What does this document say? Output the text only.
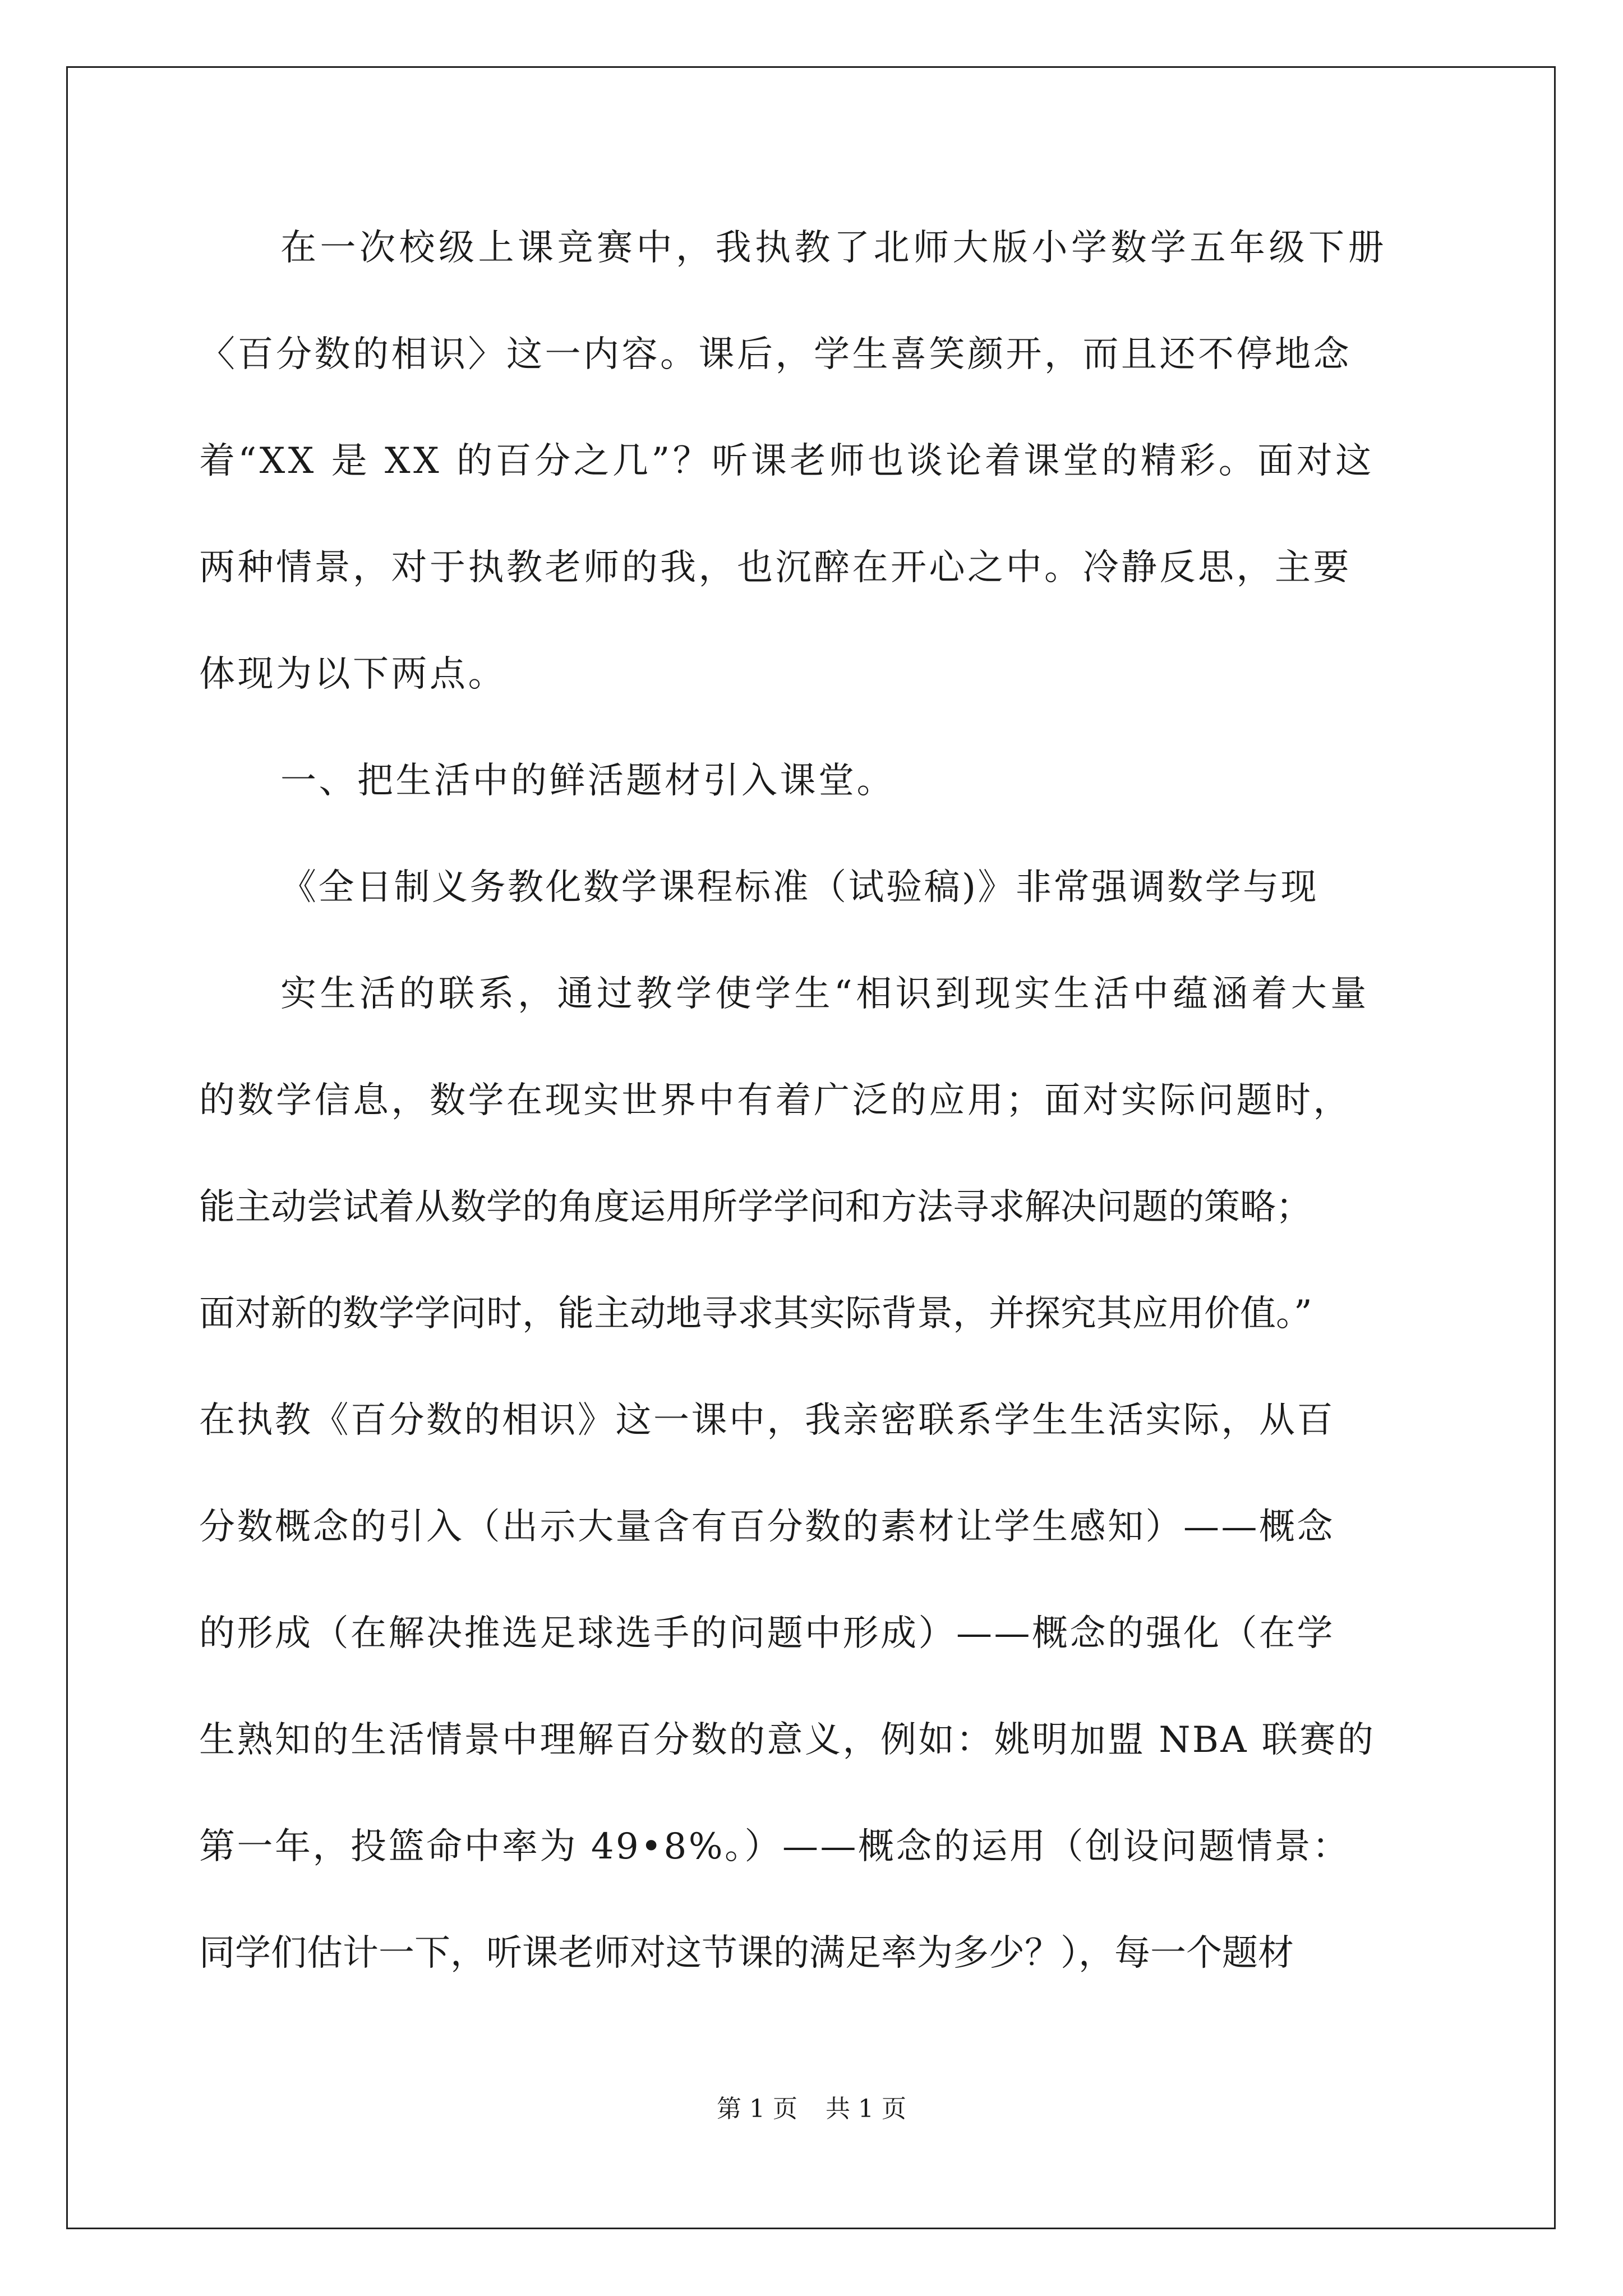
在一次校级上课竞赛中，我执教了北师大版小学数学五年级下册
〈百分数的相识〉这一内容。课后，学生喜笑颜开，而且还不停地念
着“XX 是 XX 的百分之几”？听课老师也谈论着课堂的精彩。面对这
两种情景，对于执教老师的我，也沉醉在开心之中。冷静反思，主要
体现为以下两点。
一、把生活中的鲜活题材引入课堂。
《全日制义务教化数学课程标准（试验稿)》非常强调数学与现
实生活的联系，通过教学使学生“相识到现实生活中蕴涵着大量
的数学信息，数学在现实世界中有着广泛的应用；面对实际问题时，
能主动尝试着从数学的角度运用所学学问和方法寻求解决问题的策略；
面对新的数学学问时，能主动地寻求其实际背景，并探究其应用价值。”
在执教《百分数的相识》这一课中，我亲密联系学生生活实际，从百
分数概念的引入（出示大量含有百分数的素材让学生感知）——概念
的形成（在解决推选足球选手的问题中形成）——概念的强化（在学
生熟知的生活情景中理解百分数的意义，例如：姚明加盟 NBA 联赛的
第一年，投篮命中率为 49•8%。）——概念的运用（创设问题情景：
同学们估计一下，听课老师对这节课的满足率为多少？），每一个题材
第 1 页 共 1 页
